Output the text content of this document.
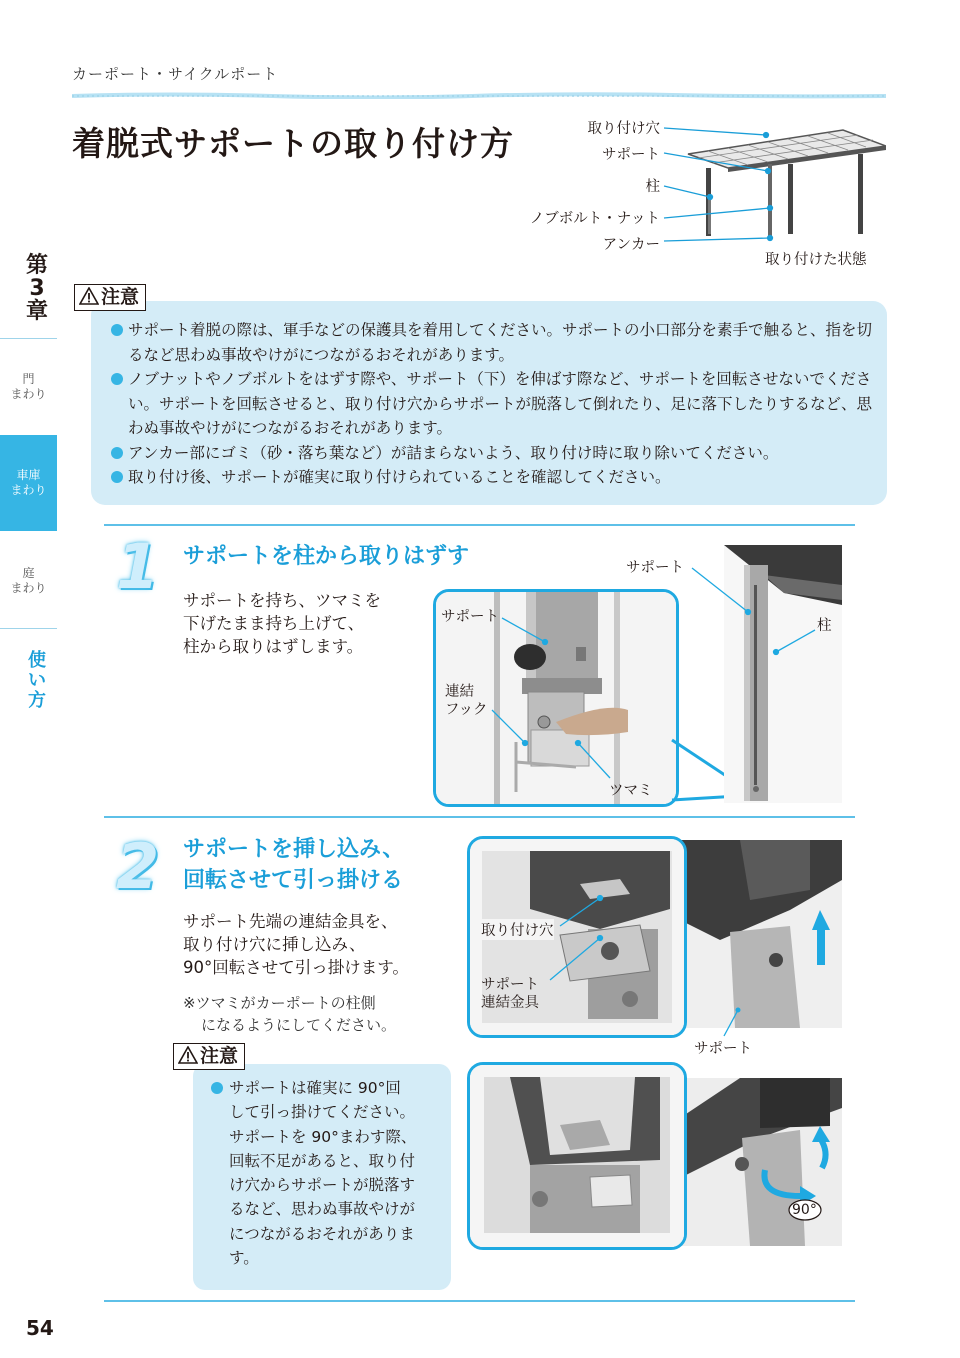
カーポート・サイクルポート
着脱式サポートの取り付け方	取り付け穴
サポート
柱
ノブボルト・ナット
アンカー
取り付けた状態
第
3
章
門
まわり
車庫
まわり
庭
まわり
使
い
方
サポート着脱の際は、軍手などの保護具を着用してください。サポートの小口部分を素手で触ると、指を切るなど思わぬ事故やけがにつながるおそれがあります。
ノブナットやノブボルトをはずす際や、サポート（下）を伸ばす際など、サポートを回転させないでください。サポートを回転させると、取り付け穴からサポートが脱落して倒れたり、足に落下したりするなど、思わぬ事故やけがにつながるおそれがあります。
アンカー部にゴミ（砂・落ち葉など）が詰まらないよう、取り付け時に取り除いてください。
取り付け後、サポートが確実に取り付けられていることを確認してください。
注意
1 サポートを柱から取りはずす
サポートを持ち、ツマミを
下げたまま持ち上げて、
柱から取りはずします。
サポート
連結
フック
ツマミ
サポート
柱
2 サポートを挿し込み、
回転させて引っ掛ける
サポート先端の連結金具を、
取り付け穴に挿し込み、
90°回転させて引っ掛けます。
※ツマミがカーポートの柱側
になるようにしてください。
サポートは確実に 90°回
して引っ掛けてください。
サポートを 90°まわす際、
回転不足があると、取り付
け穴からサポートが脱落す
るなど、思わぬ事故やけが
につながるおそれがありま
す。
注意
取り付け穴
サポート
連結金具
サポート
90°
54
